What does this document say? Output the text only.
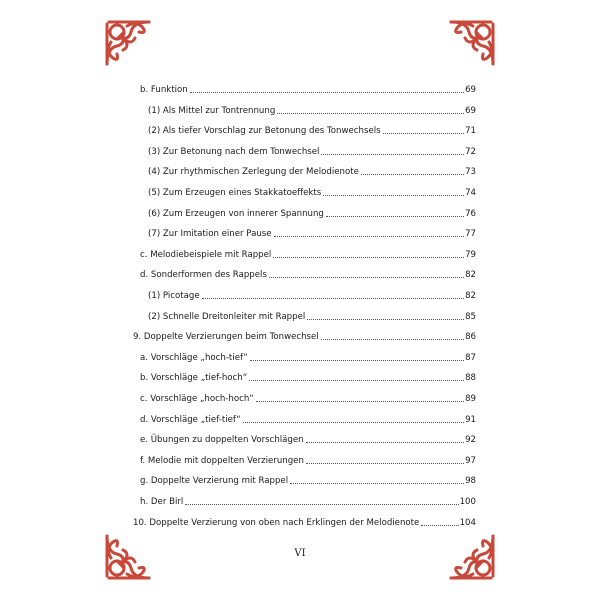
b. Funktion	69
(1) Als Mittel zur Tontrennung	69
(2) Als tiefer Vorschlag zur Betonung des Tonwechsels	71
(3) Zur Betonung nach dem Tonwechsel	72
(4) Zur rhythmischen Zerlegung der Melodienote	73
(5) Zum Erzeugen eines Stakkatoeffekts	74
(6) Zum Erzeugen von innerer Spannung	76
(7) Zur Imitation einer Pause	77
c. Melodiebeispiele mit Rappel	79
d. Sonderformen des Rappels	82
(1) Picotage	82
(2) Schnelle Dreitonleiter mit Rappel	85
9. Doppelte Verzierungen beim Tonwechsel	86
a. Vorschläge „hoch-tief“	87
b. Vorschläge „tief-hoch“	88
c. Vorschläge „hoch-hoch“	89
d. Vorschläge „tief-tief“	91
e. Übungen zu doppelten Vorschlägen	92
f. Melodie mit doppelten Verzierungen	97
g. Doppelte Verzierung mit Rappel	98
h. Der Birl	100
10. Doppelte Verzierung von oben nach Erklingen der Melodienote	104
VI
